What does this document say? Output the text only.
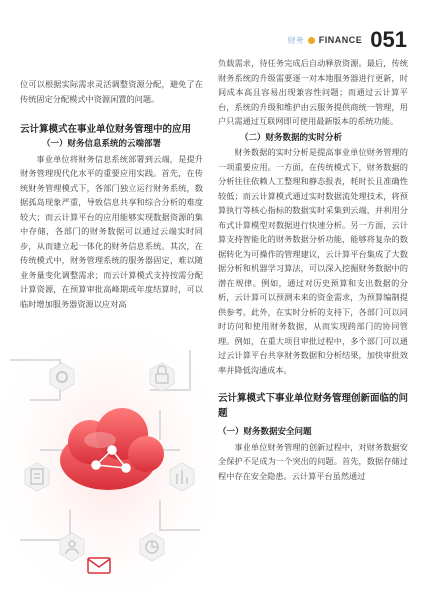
财务 FINANCE 051

位可以根据实际需求灵活调整资源分配，避免了在传统固定分配模式中资源闲置的问题。

云计算模式在事业单位财务管理中的应用
（一）财务信息系统的云端部署

事业单位将财务信息系统部署到云端，是提升财务管理现代化水平的重要应用实践。首先，在传统财务管理模式下，各部门独立运行财务系统，数据孤岛现象严重，导致信息共享和综合分析的难度较大；而云计算平台的应用能够实现数据资源的集中存储，各部门的财务数据可以通过云端实时同步，从而建立起一体化的财务信息系统。其次，在传统模式中，财务管理系统的服务器固定，难以随业务量变化调整需求；而云计算模式支持按需分配计算资源，在预算审批高峰期或年度结算时，可以临时增加服务器资源以应对高

负载需求，待任务完成后自动释放资源。最后，传统财务系统的升级需要逐一对本地服务器进行更新，时间成本高且容易出现兼容性问题；而通过云计算平台，系统的升级和维护由云服务提供商统一管理，用户只需通过互联网即可使用最新版本的系统功能。

（二）财务数据的实时分析

财务数据的实时分析是提高事业单位财务管理的一项重要应用。一方面，在传统模式下，财务数据的分析往往依赖人工整理和静态报表，耗时长且准确性较低；而云计算模式通过实时数据流处理技术，将预算执行等核心指标的数据实时采集到云端，并利用分布式计算模型对数据进行快速分析。另一方面，云计算支持智能化的财务数据分析功能，能够将复杂的数据转化为可操作的管理建议，云计算平台集成了大数据分析和机器学习算法，可以深入挖掘财务数据中的潜在规律。例如，通过对历史预算和支出数据的分析，云计算可以预测未来的资金需求，为预算编制提供参考。此外，在实时分析的支持下，各部门可以同时访问和使用财务数据，从而实现跨部门的协同管理。例如，在重大项目审批过程中，多个部门可以通过云计算平台共享财务数据和分析结果，加快审批效率并降低沟通成本。

云计算模式下事业单位财务管理创新面临的问题
（一）财务数据安全问题

事业单位财务管理的创新过程中，对财务数据安全保护不足成为一个突出的问题。首先，数据存储过程中存在安全隐患。云计算平台虽然通过
